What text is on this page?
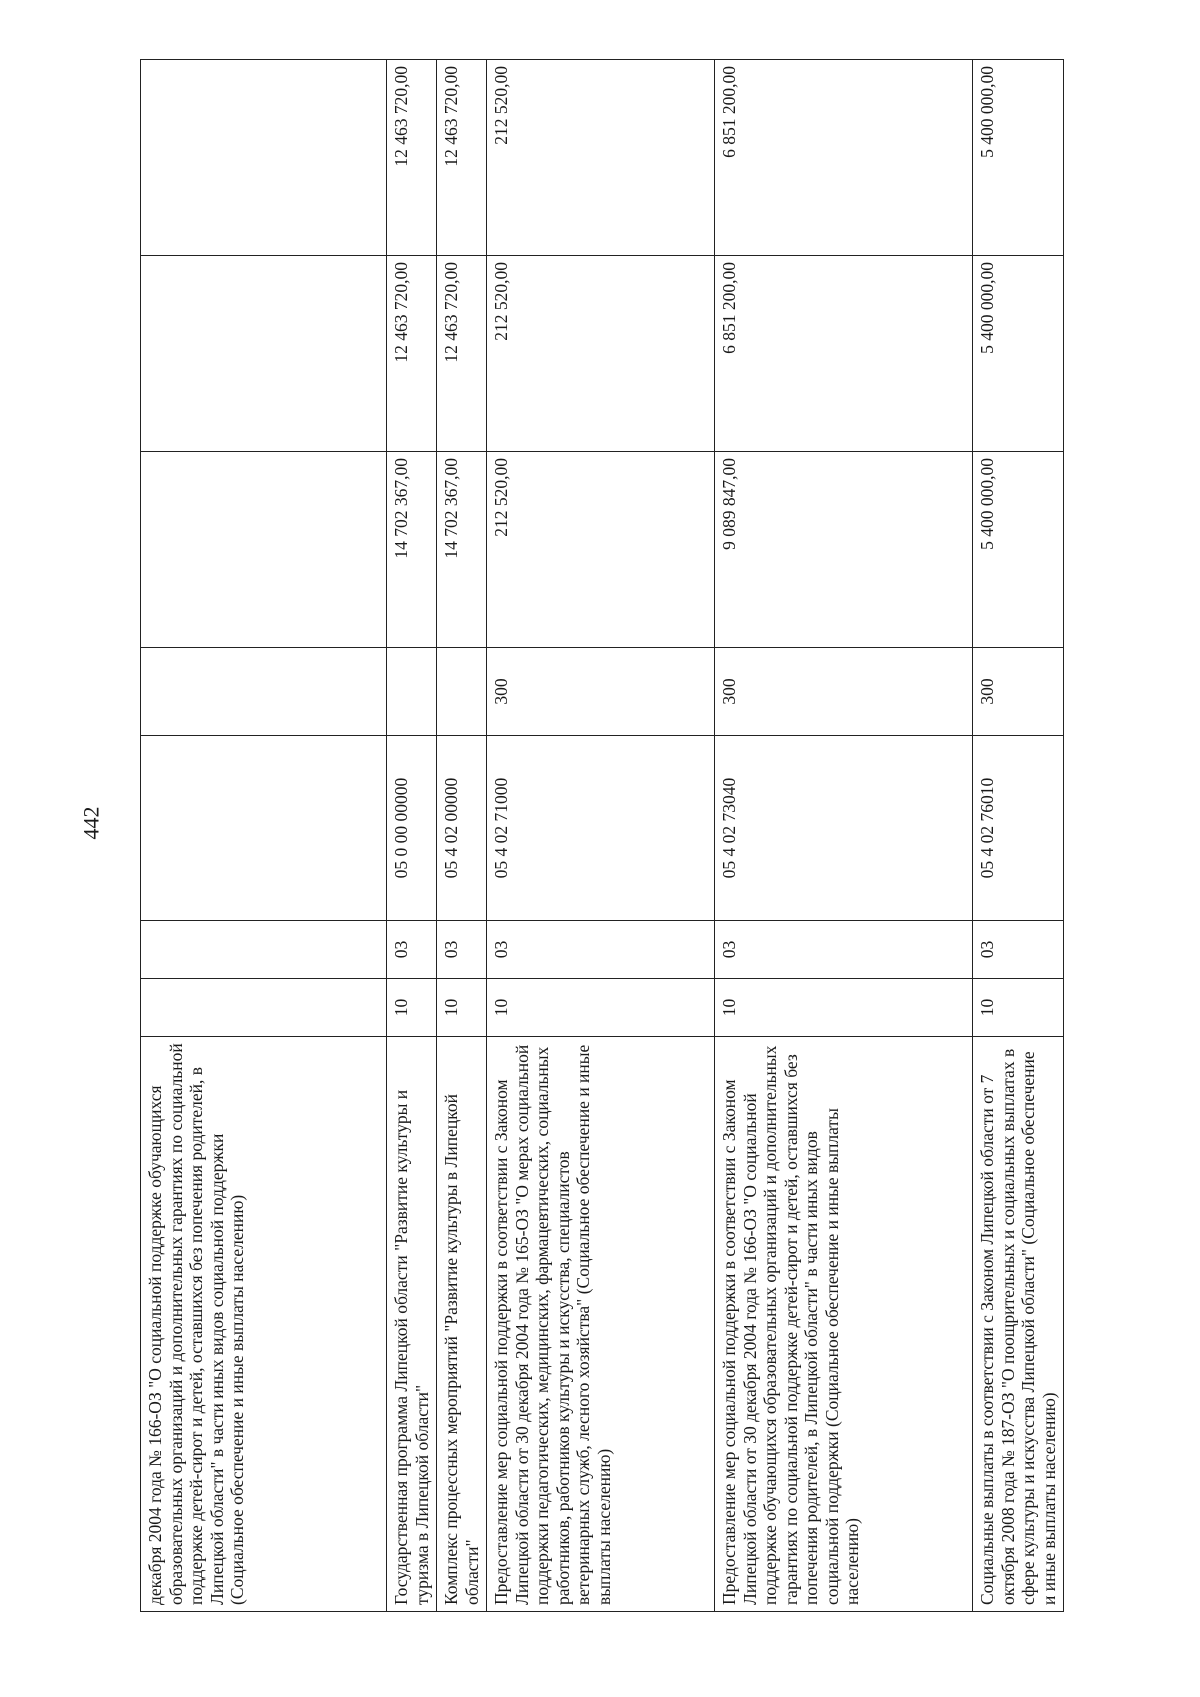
442
декабря 2004 года № 166-ОЗ "О социальной поддержке обучающихся образовательных организаций и дополнительных гарантиях по социальной поддержке детей-сирот и детей, оставшихся без попечения родителей, в Липецкой области" в части иных видов социальной поддержки (Социальное обеспечение и иные выплаты населению)							
Государственная программа Липецкой области "Развитие культуры и туризма в Липецкой области"	10	03	05 0 00 00000		14 702 367,00	12 463 720,00	12 463 720,00
Комплекс процессных мероприятий "Развитие культуры в Липецкой области"	10	03	05 4 02 00000		14 702 367,00	12 463 720,00	12 463 720,00
Предоставление мер социальной поддержки в соответствии с Законом Липецкой области от 30 декабря 2004 года № 165-ОЗ "О мерах социальной поддержки педагогических, медицинских, фармацевтических, социальных работников, работников культуры и искусства, специалистов ветеринарных служб, лесного хозяйства" (Социальное обеспечение и иные выплаты населению)	10	03	05 4 02 71000	300	212 520,00	212 520,00	212 520,00
Предоставление мер социальной поддержки в соответствии с Законом Липецкой области от 30 декабря 2004 года № 166-ОЗ "О социальной поддержке обучающихся образовательных организаций и дополнительных гарантиях по социальной поддержке детей-сирот и детей, оставшихся без попечения родителей, в Липецкой области" в части иных видов социальной поддержки (Социальное обеспечение и иные выплаты населению)	10	03	05 4 02 73040	300	9 089 847,00	6 851 200,00	6 851 200,00
Социальные выплаты в соответствии с Законом Липецкой области от 7 октября 2008 года № 187-ОЗ "О поощрительных и социальных выплатах в сфере культуры и искусства Липецкой области" (Социальное обеспечение и иные выплаты населению)	10	03	05 4 02 76010	300	5 400 000,00	5 400 000,00	5 400 000,00
